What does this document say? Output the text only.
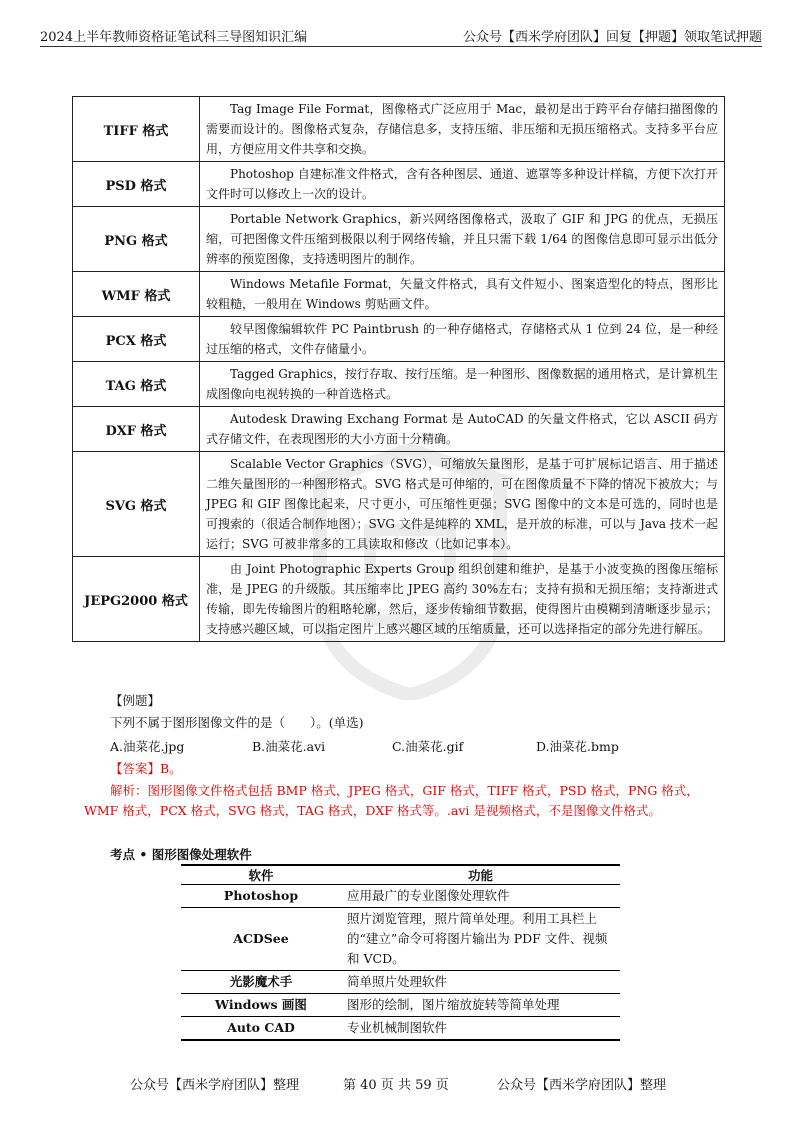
2024上半年教师资格证笔试科三导图知识汇编	公众号【西米学府团队】回复【押题】领取笔试押题
TIFF 格式	Tag Image File Format，图像格式广泛应用于 Mac，最初是出于跨平台存储扫描图像的需要而设计的。图像格式复杂，存储信息多，支持压缩、非压缩和无损压缩格式。支持多平台应用，方便应用文件共享和交换。
PSD 格式	Photoshop 自建标准文件格式，含有各种图层、通道、遮罩等多种设计样稿，方便下次打开文件时可以修改上一次的设计。
PNG 格式	Portable Network Graphics，新兴网络图像格式，汲取了 GIF 和 JPG 的优点，无损压缩，可把图像文件压缩到极限以利于网络传输，并且只需下载 1/64 的图像信息即可显示出低分辨率的预览图像，支持透明图片的制作。
WMF 格式	Windows Metafile Format，矢量文件格式，具有文件短小、图案造型化的特点，图形比较粗糙，一般用在 Windows 剪贴画文件。
PCX 格式	较早图像编辑软件 PC Paintbrush 的一种存储格式，存储格式从 1 位到 24 位，是一种经过压缩的格式，文件存储量小。
TAG 格式	Tagged Graphics，按行存取、按行压缩。是一种图形、图像数据的通用格式，是计算机生成图像向电视转换的一种首选格式。
DXF 格式	Autodesk Drawing Exchang Format 是 AutoCAD 的矢量文件格式，它以 ASCII 码方式存储文件，在表现图形的大小方面十分精确。
SVG 格式	Scalable Vector Graphics（SVG），可缩放矢量图形，是基于可扩展标记语言、用于描述二维矢量图形的一种图形格式。SVG 格式是可伸缩的，可在图像质量不下降的情况下被放大；与 JPEG 和 GIF 图像比起来，尺寸更小，可压缩性更强；SVG 图像中的文本是可选的，同时也是可搜索的（很适合制作地图）；SVG 文件是纯粹的 XML，是开放的标准，可以与 Java 技术一起运行；SVG 可被非常多的工具读取和修改（比如记事本）。
JEPG2000 格式	由 Joint Photographic Experts Group 组织创建和维护，是基于小波变换的图像压缩标准，是 JPEG 的升级版。其压缩率比 JPEG 高约 30%左右；支持有损和无损压缩；支持渐进式传输，即先传输图片的粗略轮廓，然后，逐步传输细节数据，使得图片由模糊到清晰逐步显示；支持感兴趣区域，可以指定图片上感兴趣区域的压缩质量，还可以选择指定的部分先进行解压。
【例题】
下列不属于图形图像文件的是（　　）。(单选)
A.油菜花.jpg	B.油菜花.avi	C.油菜花.gif	D.油菜花.bmp
【答案】B。
解析：图形图像文件格式包括 BMP 格式，JPEG 格式，GIF 格式，TIFF 格式，PSD 格式，PNG 格式，
WMF 格式，PCX 格式，SVG 格式，TAG 格式，DXF 格式等。.avi 是视频格式，不是图像文件格式。
考点 • 图形图像处理软件
软件	功能
Photoshop	应用最广的专业图像处理软件
ACDSee	照片浏览管理，照片简单处理。利用工具栏上的“建立”命令可将图片输出为 PDF 文件、视频和 VCD。
光影魔术手	简单照片处理软件
Windows 画图	图形的绘制，图片缩放旋转等简单处理
Auto CAD	专业机械制图软件
公众号【西米学府团队】整理	第 40 页 共 59 页	公众号【西米学府团队】整理
